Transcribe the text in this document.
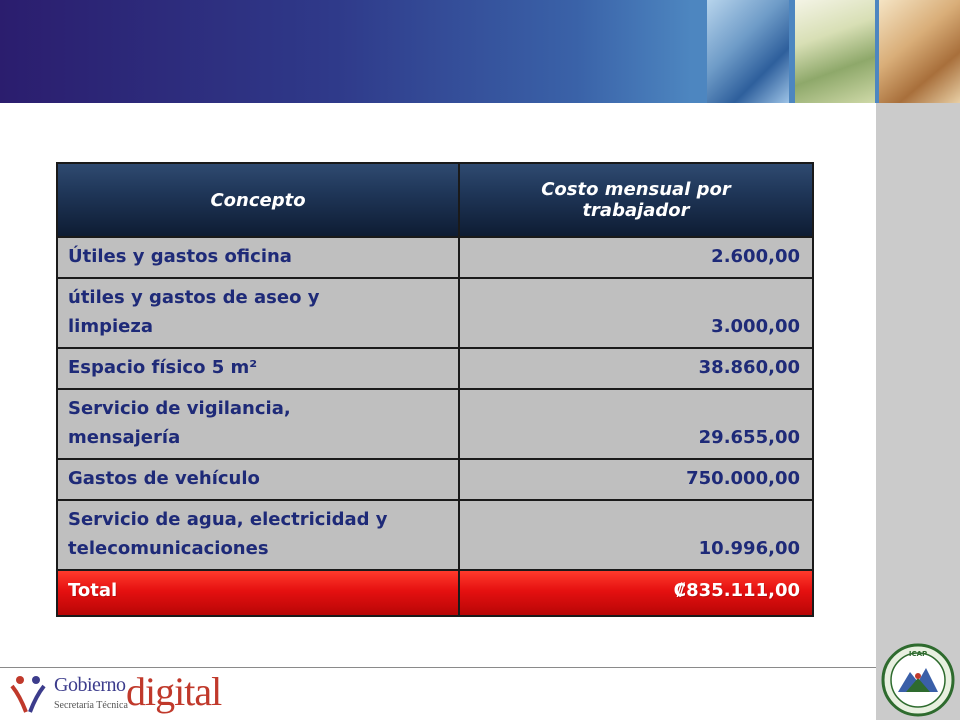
Concepto	Costo mensual por
trabajador
Útiles y gastos oficina	2.600,00
útiles y gastos de aseo y
limpieza	3.000,00
Espacio físico 5 m²	38.860,00
Servicio de vigilancia,
mensajería	29.655,00
Gastos de vehículo	750.000,00
Servicio de agua, electricidad y
telecomunicaciones	10.996,00
Total	₡835.111,00
Gobierno digital
Secretaría Técnica
ICAP
